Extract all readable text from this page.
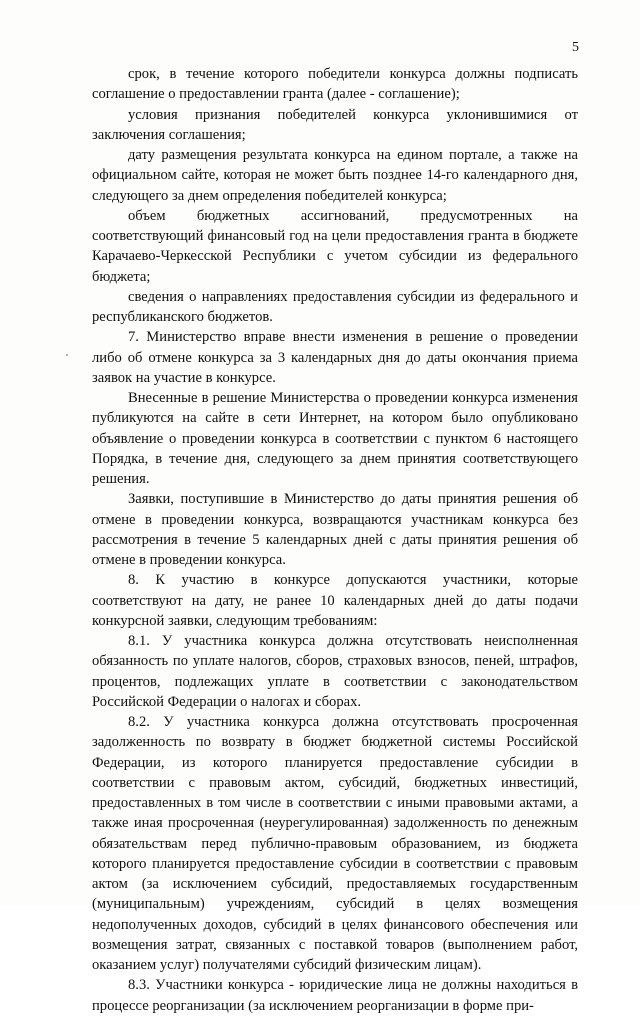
5

срок, в течение которого победители конкурса должны подписать соглашение о предоставлении гранта (далее - соглашение);

условия признания победителей конкурса уклонившимися от заключения соглашения;

дату размещения результата конкурса на едином портале, а также на официальном сайте, которая не может быть позднее 14-го календарного дня, следующего за днем определения победителей конкурса;

объем бюджетных ассигнований, предусмотренных на соответствующий финансовый год на цели предоставления гранта в бюджете Карачаево-Черкесской Республики с учетом субсидии из федерального бюджета;

сведения о направлениях предоставления субсидии из федерального и республиканского бюджетов.

7. Министерство вправе внести изменения в решение о проведении либо об отмене конкурса за 3 календарных дня до даты окончания приема заявок на участие в конкурсе.

Внесенные в решение Министерства о проведении конкурса изменения публикуются на сайте в сети Интернет, на котором было опубликовано объявление о проведении конкурса в соответствии с пунктом 6 настоящего Порядка, в течение дня, следующего за днем принятия соответствующего решения.

Заявки, поступившие в Министерство до даты принятия решения об отмене в проведении конкурса, возвращаются участникам конкурса без рассмотрения в течение 5 календарных дней с даты принятия решения об отмене в проведении конкурса.

8. К участию в конкурсе допускаются участники, которые соответствуют на дату, не ранее 10 календарных дней до даты подачи конкурсной заявки, следующим требованиям:

8.1. У участника конкурса должна отсутствовать неисполненная обязанность по уплате налогов, сборов, страховых взносов, пеней, штрафов, процентов, подлежащих уплате в соответствии с законодательством Российской Федерации о налогах и сборах.

8.2. У участника конкурса должна отсутствовать просроченная задолженность по возврату в бюджет бюджетной системы Российской Федерации, из которого планируется предоставление субсидии в соответствии с правовым актом, субсидий, бюджетных инвестиций, предоставленных в том числе в соответствии с иными правовыми актами, а также иная просроченная (неурегулированная) задолженность по денежным обязательствам перед публично-правовым образованием, из бюджета которого планируется предоставление субсидии в соответствии с правовым актом (за исключением субсидий, предоставляемых государственным (муниципальным) учреждениям, субсидий в целях возмещения недополученных доходов, субсидий в целях финансового обеспечения или возмещения затрат, связанных с поставкой товаров (выполнением работ, оказанием услуг) получателями субсидий физическим лицам).

8.3. Участники конкурса - юридические лица не должны находиться в процессе реорганизации (за исключением реорганизации в форме при-
